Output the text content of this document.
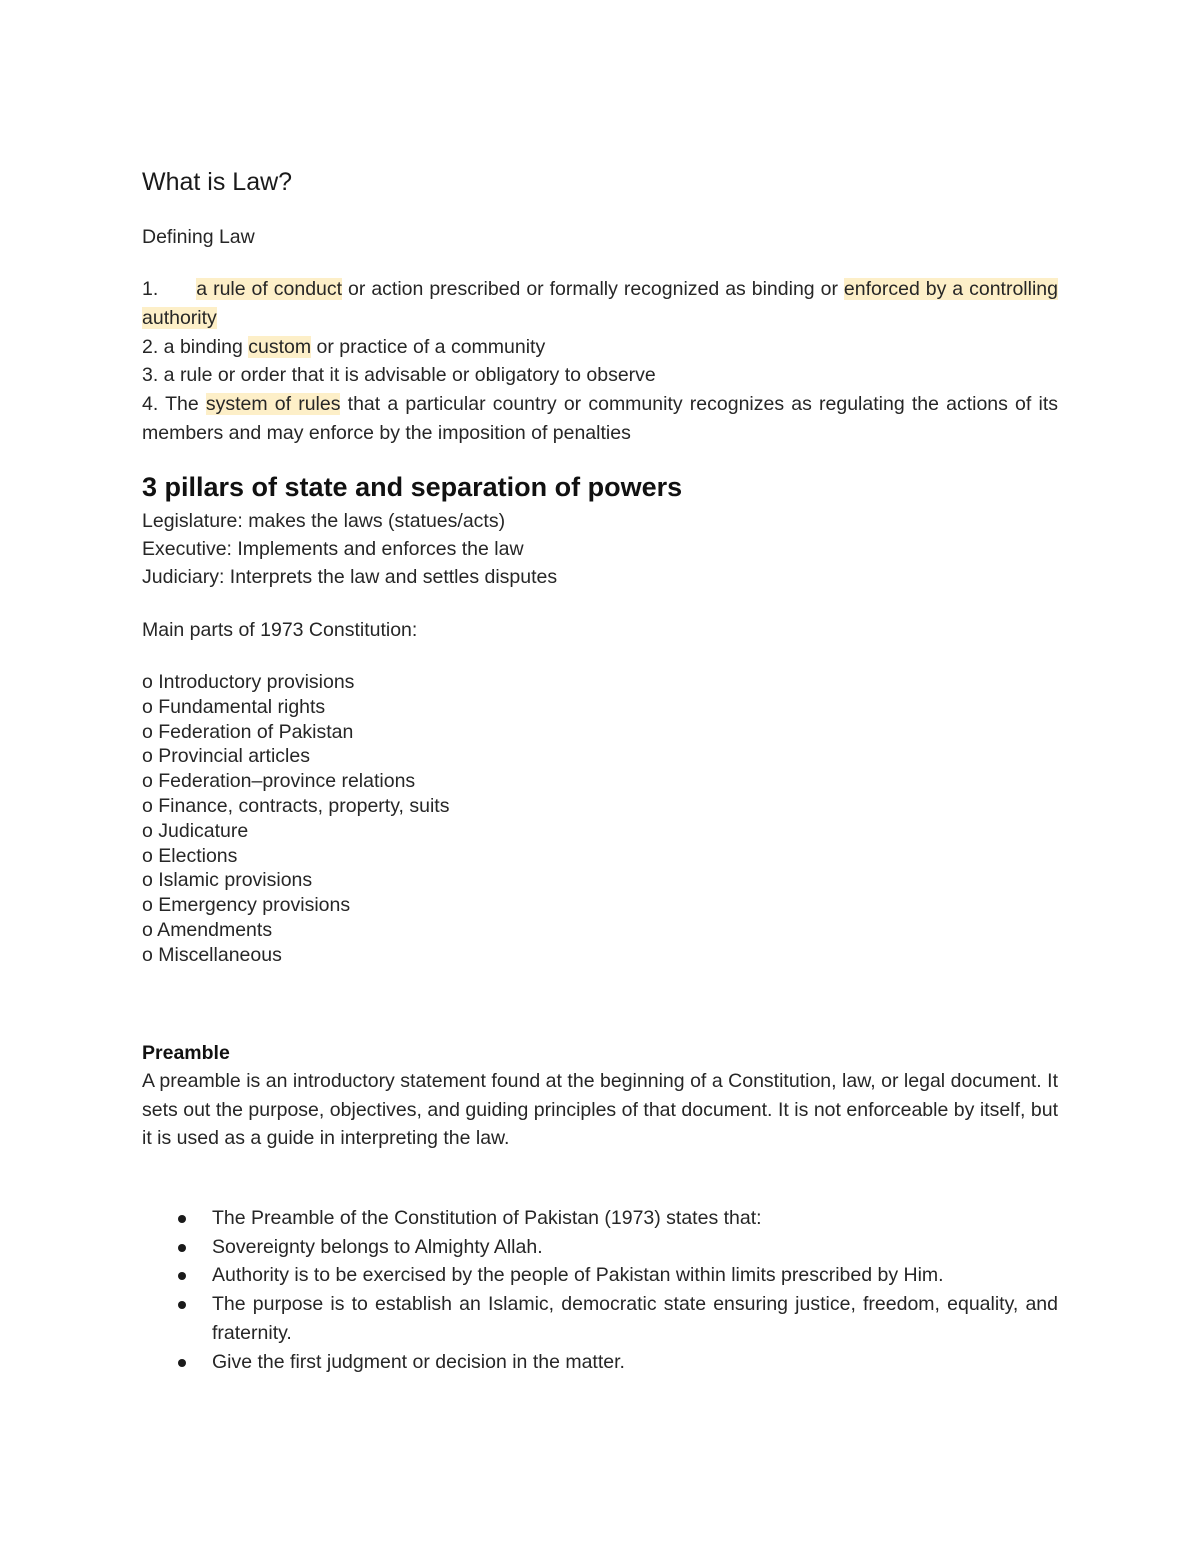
What is Law?

Defining Law

1. a rule of conduct or action prescribed or formally recognized as binding or enforced by a controlling authority

2. a binding custom or practice of a community

3. a rule or order that it is advisable or obligatory to observe

4. The system of rules that a particular country or community recognizes as regulating the actions of its members and may enforce by the imposition of penalties

3 pillars of state and separation of powers

Legislature: makes the laws (statues/acts)

Executive: Implements and enforces the law

Judiciary: Interprets the law and settles disputes

Main parts of 1973 Constitution:

o Introductory provisions
o Fundamental rights
o Federation of Pakistan
o Provincial articles
o Federation–province relations
o Finance, contracts, property, suits
o Judicature
o Elections
o Islamic provisions
o Emergency provisions
o Amendments
o Miscellaneous
Preamble

A preamble is an introductory statement found at the beginning of a Constitution, law, or legal document. It sets out the purpose, objectives, and guiding principles of that document. It is not enforceable by itself, but it is used as a guide in interpreting the law.

The Preamble of the Constitution of Pakistan (1973) states that:
Sovereignty belongs to Almighty Allah.
Authority is to be exercised by the people of Pakistan within limits prescribed by Him.
The purpose is to establish an Islamic, democratic state ensuring justice, freedom, equality, and fraternity.
Give the first judgment or decision in the matter.
